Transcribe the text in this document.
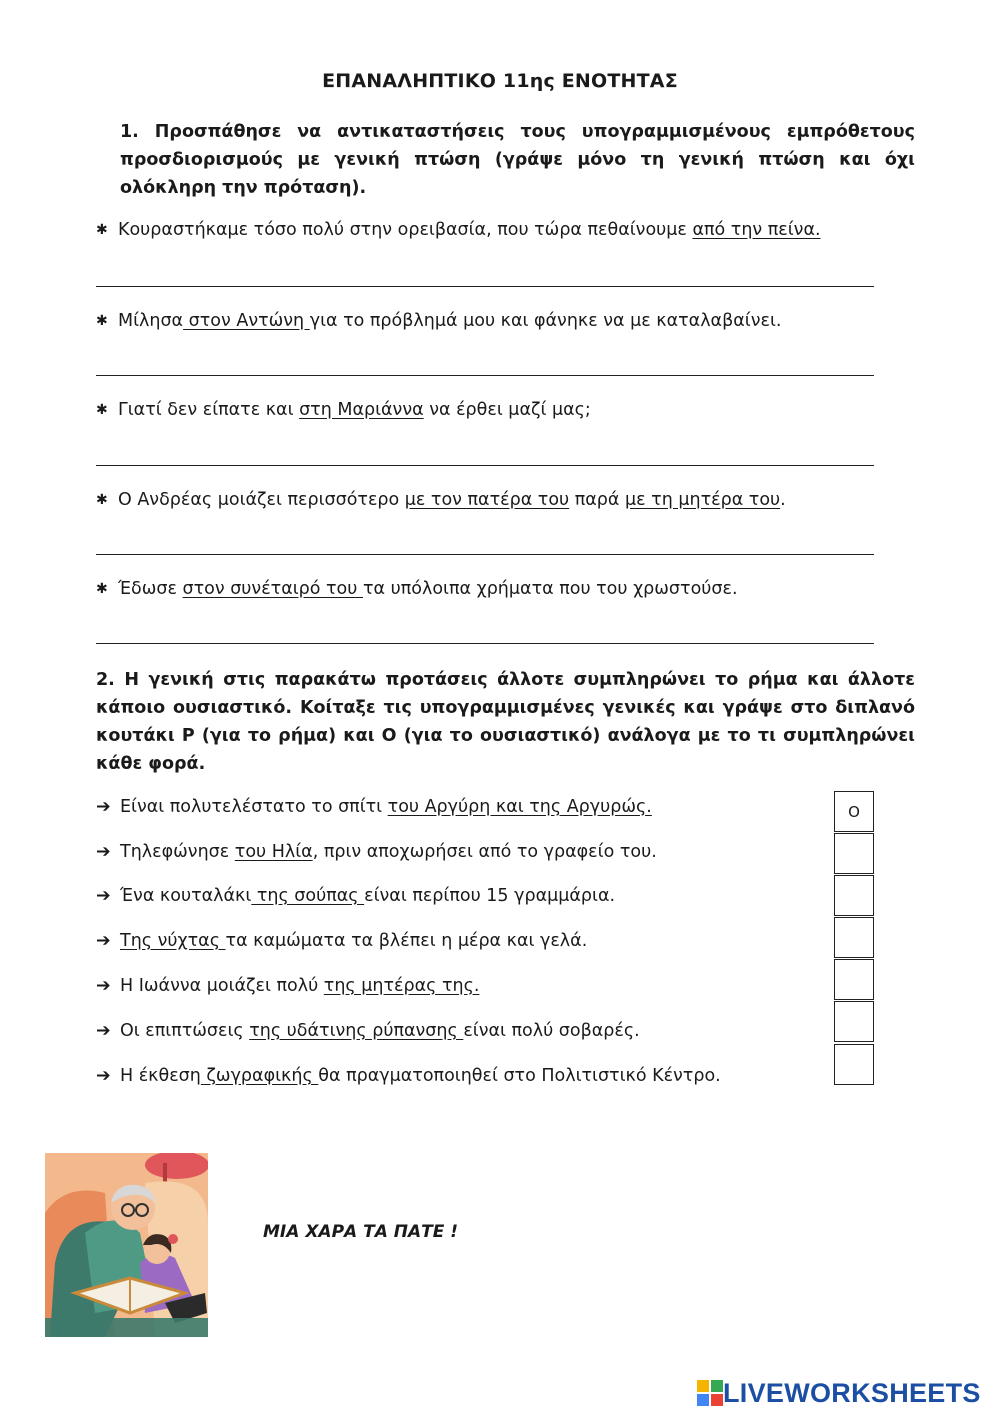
ΕΠΑΝΑΛΗΠΤΙΚΟ 11ης ΕΝΟΤΗΤΑΣ
1. Προσπάθησε να αντικαταστήσεις τους υπογραμμισμένους εμπρόθετους προσδιορισμούς με γενική πτώση (γράψε μόνο τη γενική πτώση και όχι ολόκληρη την πρόταση).
✱ Κουραστήκαμε τόσο πολύ στην ορειβασία, που τώρα πεθαίνουμε από την πείνα.
✱ Μίλησα στον Αντώνη για το πρόβλημά μου και φάνηκε να με καταλαβαίνει.
✱ Γιατί δεν είπατε και στη Μαριάννα να έρθει μαζί μας;
✱ Ο Ανδρέας μοιάζει περισσότερο με τον πατέρα του παρά με τη μητέρα του.
✱ Έδωσε στον συνέταιρό του τα υπόλοιπα χρήματα που του χρωστούσε.
2. Η γενική στις παρακάτω προτάσεις άλλοτε συμπληρώνει το ρήμα και άλλοτε κάποιο ουσιαστικό. Κοίταξε τις υπογραμμισμένες γενικές και γράψε στο διπλανό κουτάκι Ρ (για το ρήμα) και Ο (για το ουσιαστικό) ανάλογα με το τι συμπληρώνει κάθε φορά.
➔ Είναι πολυτελέστατο το σπίτι του Αργύρη και της Αργυρώς.
➔ Τηλεφώνησε του Ηλία, πριν αποχωρήσει από το γραφείο του.
➔ Ένα κουταλάκι της σούπας είναι περίπου 15 γραμμάρια.
➔ Της νύχτας τα καμώματα τα βλέπει η μέρα και γελά.
➔ Η Ιωάννα μοιάζει πολύ της μητέρας της.
➔ Οι επιπτώσεις της υδάτινης ρύπανσης είναι πολύ σοβαρές.
➔ Η έκθεση ζωγραφικής θα πραγματοποιηθεί στο Πολιτιστικό Κέντρο.
Ο
ΜΙΑ ΧΑΡΑ ΤΑ ΠΑΤΕ !
LIVEWORKSHEETS
